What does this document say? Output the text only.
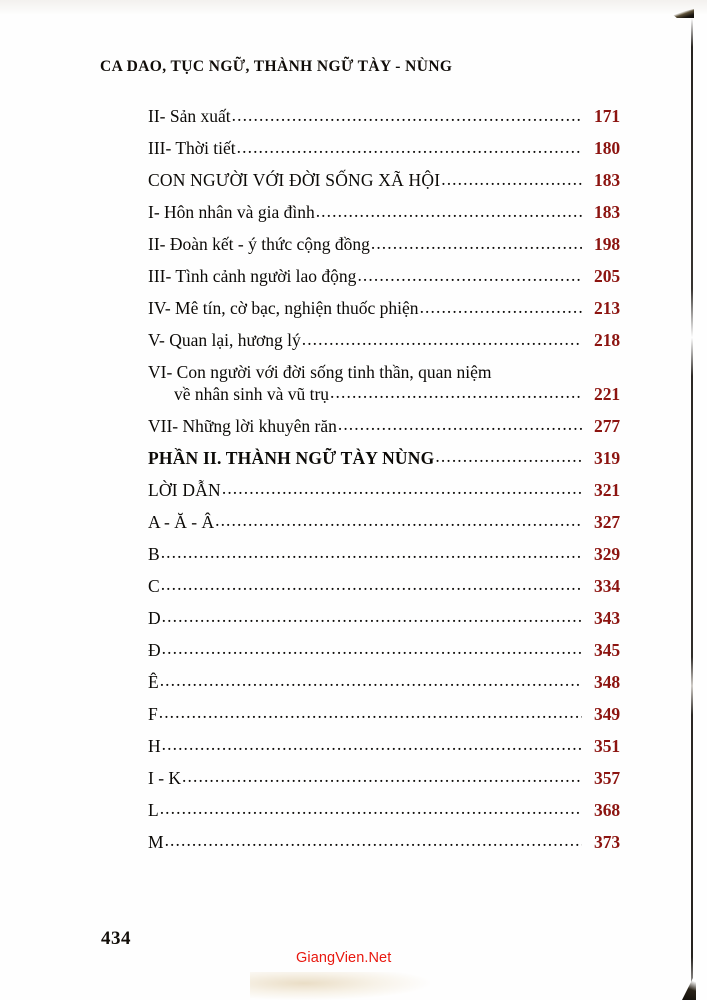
CA DAO, TỤC NGỮ, THÀNH NGỮ TÀY - NÙNG
II- Sản xuất .....	171
III- Thời tiết .....	180
CON NGƯỜI VỚI ĐỜI SỐNG XÃ HỘI .....	183
I- Hôn nhân và gia đình .....	183
II- Đoàn kết - ý thức cộng đồng .....	198
III- Tình cảnh người lao động .....	205
IV- Mê tín, cờ bạc, nghiện thuốc phiện .....	213
V- Quan lại, hương lý .....	218
VI- Con người với đời sống tinh thần, quan niệm
về nhân sinh và vũ trụ .....	221
VII- Những lời khuyên răn .....	277
PHẦN II. THÀNH NGỮ TÀY NÙNG .....	319
LỜI DẪN .....	321
A - Ă - Â .....	327
B .....	329
C .....	334
D .....	343
Đ .....	345
Ê .....	348
F .....	349
H .....	351
I - K .....	357
L .....	368
M .....	373
434
GiangVien.Net
